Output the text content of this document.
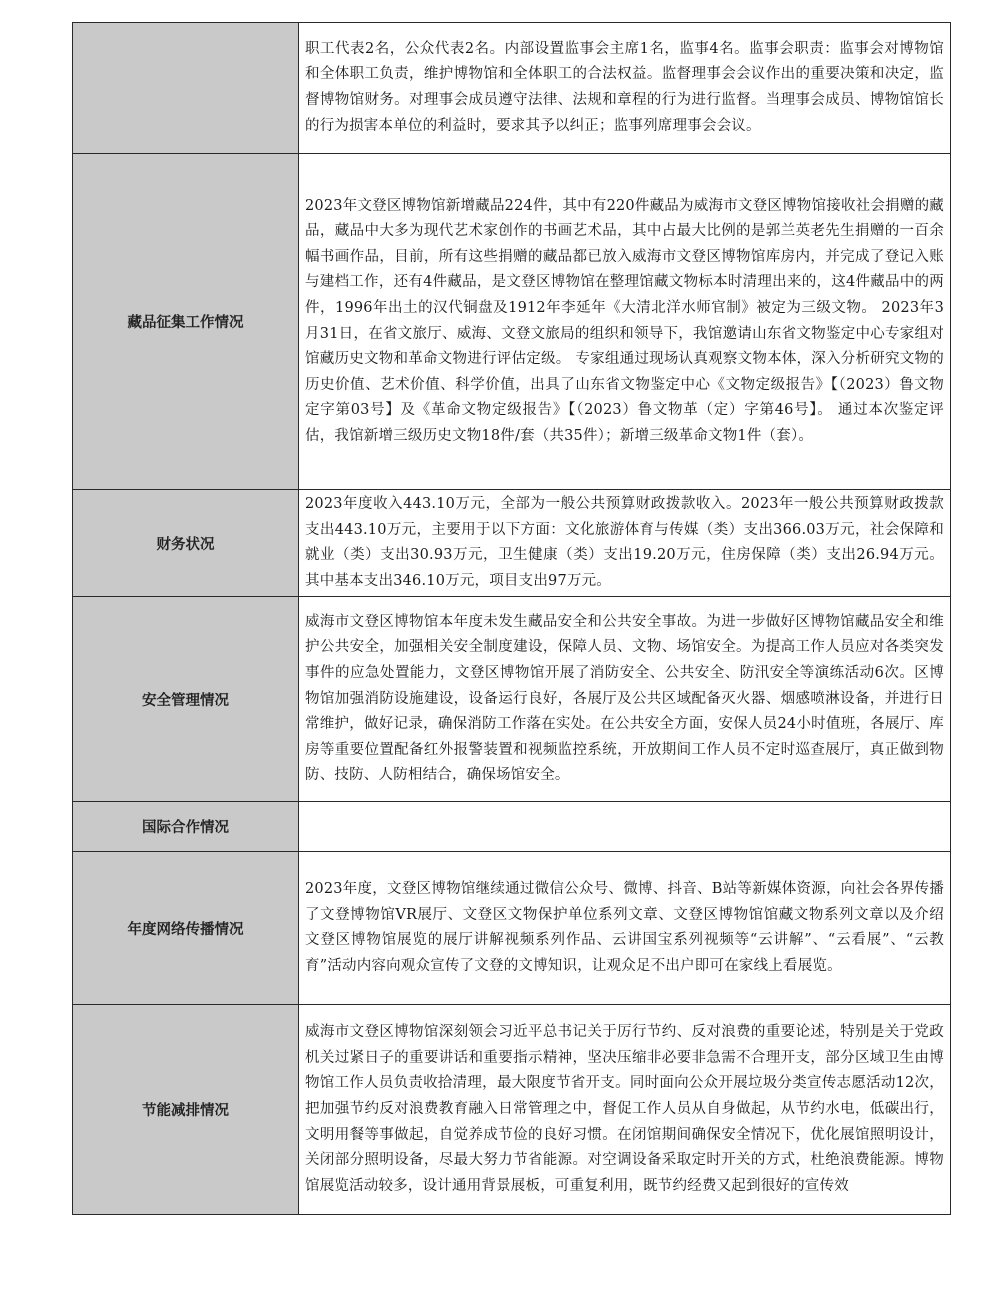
	职工代表2名，公众代表2名。内部设置监事会主席1名，监事4名。监事会职责：监事会对博物馆和全体职工负责，维护博物馆和全体职工的合法权益。监督理事会会议作出的重要决策和决定，监督博物馆财务。对理事会成员遵守法律、法规和章程的行为进行监督。当理事会成员、博物馆馆长的行为损害本单位的利益时，要求其予以纠正；监事列席理事会会议。
藏品征集工作情况	2023年文登区博物馆新增藏品224件，其中有220件藏品为威海市文登区博物馆接收社会捐赠的藏品，藏品中大多为现代艺术家创作的书画艺术品，其中占最大比例的是郭兰英老先生捐赠的一百余幅书画作品，目前，所有这些捐赠的藏品都已放入威海市文登区博物馆库房内，并完成了登记入账与建档工作，还有4件藏品，是文登区博物馆在整理馆藏文物标本时清理出来的，这4件藏品中的两件，1996年出土的汉代铜盘及1912年李延年《大清北洋水师官制》被定为三级文物。 2023年3月31日，在省文旅厅、威海、文登文旅局的组织和领导下，我馆邀请山东省文物鉴定中心专家组对馆藏历史文物和革命文物进行评估定级。 专家组通过现场认真观察文物本体，深入分析研究文物的历史价值、艺术价值、科学价值，出具了山东省文物鉴定中心《文物定级报告》【（2023）鲁文物定字第03号】及《革命文物定级报告》【（2023）鲁文物革（定）字第46号】。 通过本次鉴定评估，我馆新增三级历史文物18件/套（共35件）；新增三级革命文物1件（套）。
财务状况	2023年度收入443.10万元，全部为一般公共预算财政拨款收入。2023年一般公共预算财政拨款支出443.10万元，主要用于以下方面：文化旅游体育与传媒（类）支出366.03万元，社会保障和就业（类）支出30.93万元，卫生健康（类）支出19.20万元，住房保障（类）支出26.94万元。其中基本支出346.10万元，项目支出97万元。
安全管理情况	威海市文登区博物馆本年度未发生藏品安全和公共安全事故。为进一步做好区博物馆藏品安全和维护公共安全，加强相关安全制度建设，保障人员、文物、场馆安全。为提高工作人员应对各类突发事件的应急处置能力，文登区博物馆开展了消防安全、公共安全、防汛安全等演练活动6次。区博物馆加强消防设施建设，设备运行良好，各展厅及公共区域配备灭火器、烟感喷淋设备，并进行日常维护，做好记录，确保消防工作落在实处。在公共安全方面，安保人员24小时值班，各展厅、库房等重要位置配备红外报警装置和视频监控系统，开放期间工作人员不定时巡查展厅，真正做到物防、技防、人防相结合，确保场馆安全。
国际合作情况	
年度网络传播情况	2023年度，文登区博物馆继续通过微信公众号、微博、抖音、B站等新媒体资源，向社会各界传播了文登博物馆VR展厅、文登区文物保护单位系列文章、文登区博物馆馆藏文物系列文章以及介绍文登区博物馆展览的展厅讲解视频系列作品、云讲国宝系列视频等“云讲解”、“云看展”、“云教育”活动内容向观众宣传了文登的文博知识，让观众足不出户即可在家线上看展览。
节能减排情况	威海市文登区博物馆深刻领会习近平总书记关于厉行节约、反对浪费的重要论述，特别是关于党政机关过紧日子的重要讲话和重要指示精神，坚决压缩非必要非急需不合理开支，部分区域卫生由博物馆工作人员负责收拾清理，最大限度节省开支。同时面向公众开展垃圾分类宣传志愿活动12次，把加强节约反对浪费教育融入日常管理之中，督促工作人员从自身做起，从节约水电，低碳出行，文明用餐等事做起，自觉养成节俭的良好习惯。在闭馆期间确保安全情况下，优化展馆照明设计，关闭部分照明设备，尽最大努力节省能源。对空调设备采取定时开关的方式，杜绝浪费能源。博物馆展览活动较多，设计通用背景展板，可重复利用，既节约经费又起到很好的宣传效
